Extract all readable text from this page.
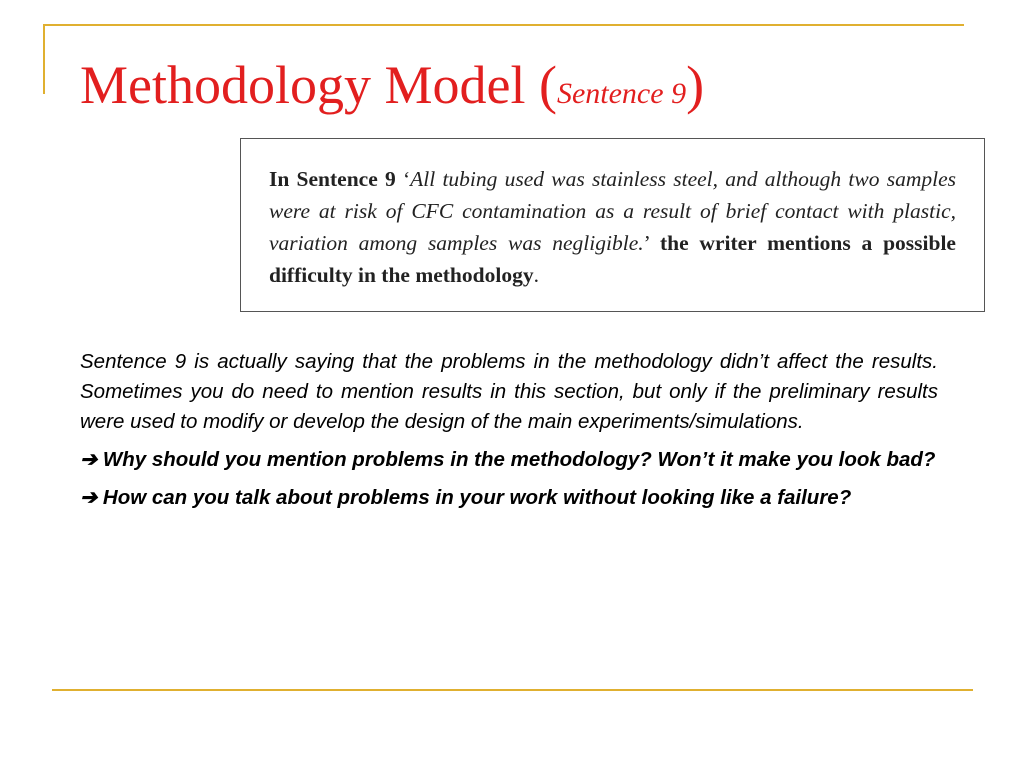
Methodology Model (Sentence 9)

In Sentence 9 ‘All tubing used was stainless steel, and although two samples were at risk of CFC contamination as a result of brief contact with plastic, variation among samples was negligible.’ the writer mentions a possible difficulty in the methodology.

Sentence 9 is actually saying that the problems in the methodology didn’t affect the results. Sometimes you do need to mention results in this section, but only if the preliminary results were used to modify or develop the design of the main experiments/simulations.

➔ Why should you mention problems in the methodology? Won’t it make you look bad?

➔ How can you talk about problems in your work without looking like a failure?
